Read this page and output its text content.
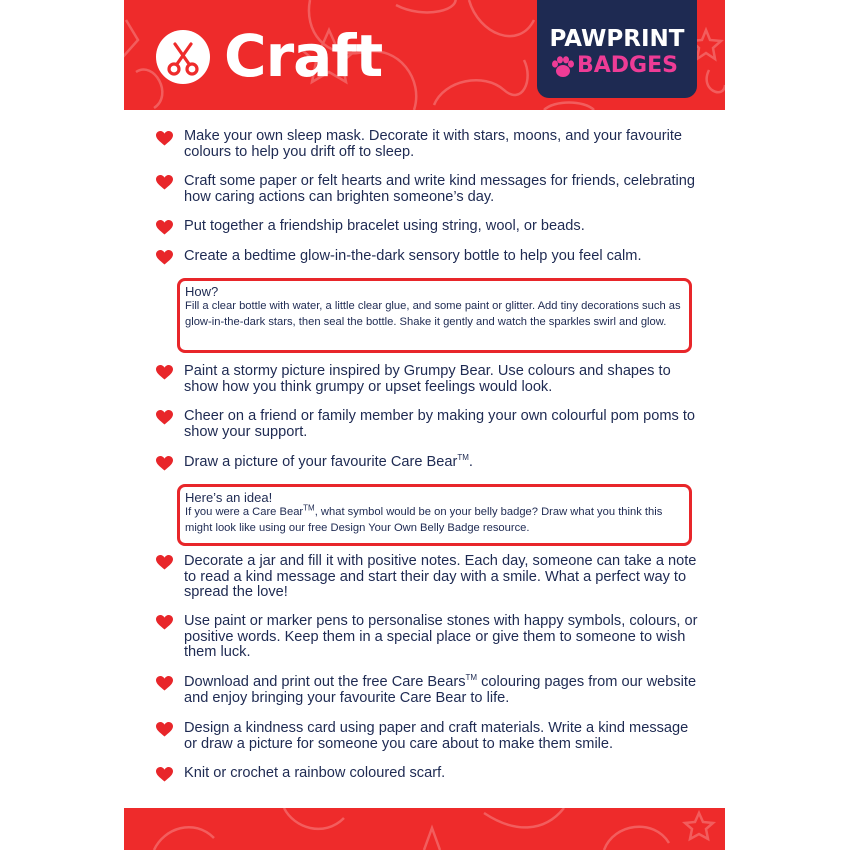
Craft	PAWPRINT
BADGES
Make your own sleep mask. Decorate it with stars, moons, and your favourite colours to help you drift off to sleep.
Craft some paper or felt hearts and write kind messages for friends, celebrating how caring actions can brighten someone’s day.
Put together a friendship bracelet using string, wool, or beads.
Create a bedtime glow-in-the-dark sensory bottle to help you feel calm.
How?
Fill a clear bottle with water, a little clear glue, and some paint or glitter. Add tiny decorations such as glow-in-the-dark stars, then seal the bottle. Shake it gently and watch the sparkles swirl and glow.
Paint a stormy picture inspired by Grumpy Bear. Use colours and shapes to show how you think grumpy or upset feelings would look.
Cheer on a friend or family member by making your own colourful pom poms to show your support.
Draw a picture of your favourite Care Bear™.
Here’s an idea!
If you were a Care Bear™, what symbol would be on your belly badge? Draw what you think this might look like using our free Design Your Own Belly Badge resource.
Decorate a jar and fill it with positive notes. Each day, someone can take a note to read a kind message and start their day with a smile. What a perfect way to spread the love!
Use paint or marker pens to personalise stones with happy symbols, colours, or positive words. Keep them in a special place or give them to someone to wish them luck.
Download and print out the free Care Bears™ colouring pages from our website and enjoy bringing your favourite Care Bear to life.
Design a kindness card using paper and craft materials. Write a kind message or draw a picture for someone you care about to make them smile.
Knit or crochet a rainbow coloured scarf.
